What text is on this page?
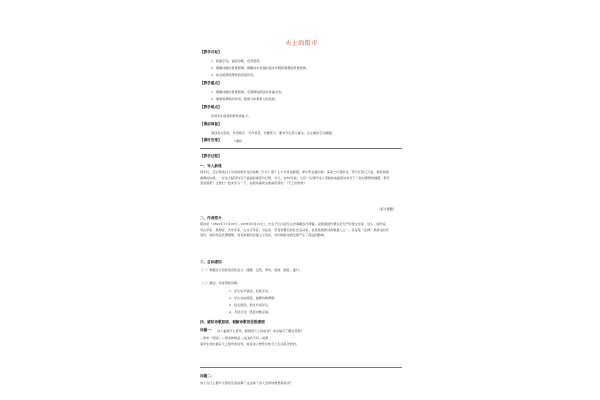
天上的街市
【教学目标】
1、积累字词，诵读诗歌，培养语感。
2、理解诗歌的思想感情，理解诗中表现的追求光明和理想的思想感情。
3、体会联想和想象的表现作用。
【教学重点】
1、理解诗歌的思想感情，有感情地朗读并背诵全诗。
2、联想和想象的作用，联想力和想象力的培养。
【教学难点】
培养学生联想和想象的能力。
【课前准备】
查找有关资料，作者简介，写作背景，布置预习，要求学生预习课文，自主解决字词难题。
【课时安排】	1课时
【教学过程】
一、导入新课
同学们，还记得我们小学的时候学过的诗歌《乞巧》吗？七夕今宵看碧霄，牵牛织女渡河桥。家家乞巧望秋月，穿尽红丝几万条。那是我国唐朝的时候，一位诗人赋景诗写下美丽的神话与幻想，今天，在82年前，又有一位现代诗人用他的美丽的诗句写下了他对理想的憧憬，那作者是谁呢？让我们一起来学习一下，由我来诵读这美丽的景色：《天上的街市》
（板书课题）
二、作者简介
郭沫若（1892年11月16日—1978年6月12日），出生于四川省乐山市观峨乡沙湾镇，是我国现代著名的无产阶级文学家、诗人、剧作家、考古学家、思想家、历史学家、古文字学家、书法家、学者和著名的社会活动家，也是我国新诗的奠基人之一。其诗集《女神》是新诗的代表作，他的作品充满激情，具有浓郁的浪漫主义色彩，对中国新诗的发展产生了深远的影响。
三、总体感知
（一）掌握生字词的读音和意义：缥缈、定然、珍奇、闲游、隔着、提灯。
（二）朗读，初步感知诗歌。
1、学生轻声诵读，检查字音。
2、学生自由朗读，揣摩诗歌情感。
3、指名朗读，师生共同评议。
4、齐读全诗，感受诗歌意境。
四、感知诗歌意境，理解诗歌的思想感情
问题一： 诗人看到什么景象，联想到天上的街市？诗中描写了哪些景物？
—街市（明亮）—珍奇的物品—浅浅的天河—闲游
请学生找出描写天上街市的诗句，说说诗人想象中的天上生活是怎样的。
问题二：
诗人为什么要写牛郎织女的故事？这反映了诗人怎样的理想和追求？
